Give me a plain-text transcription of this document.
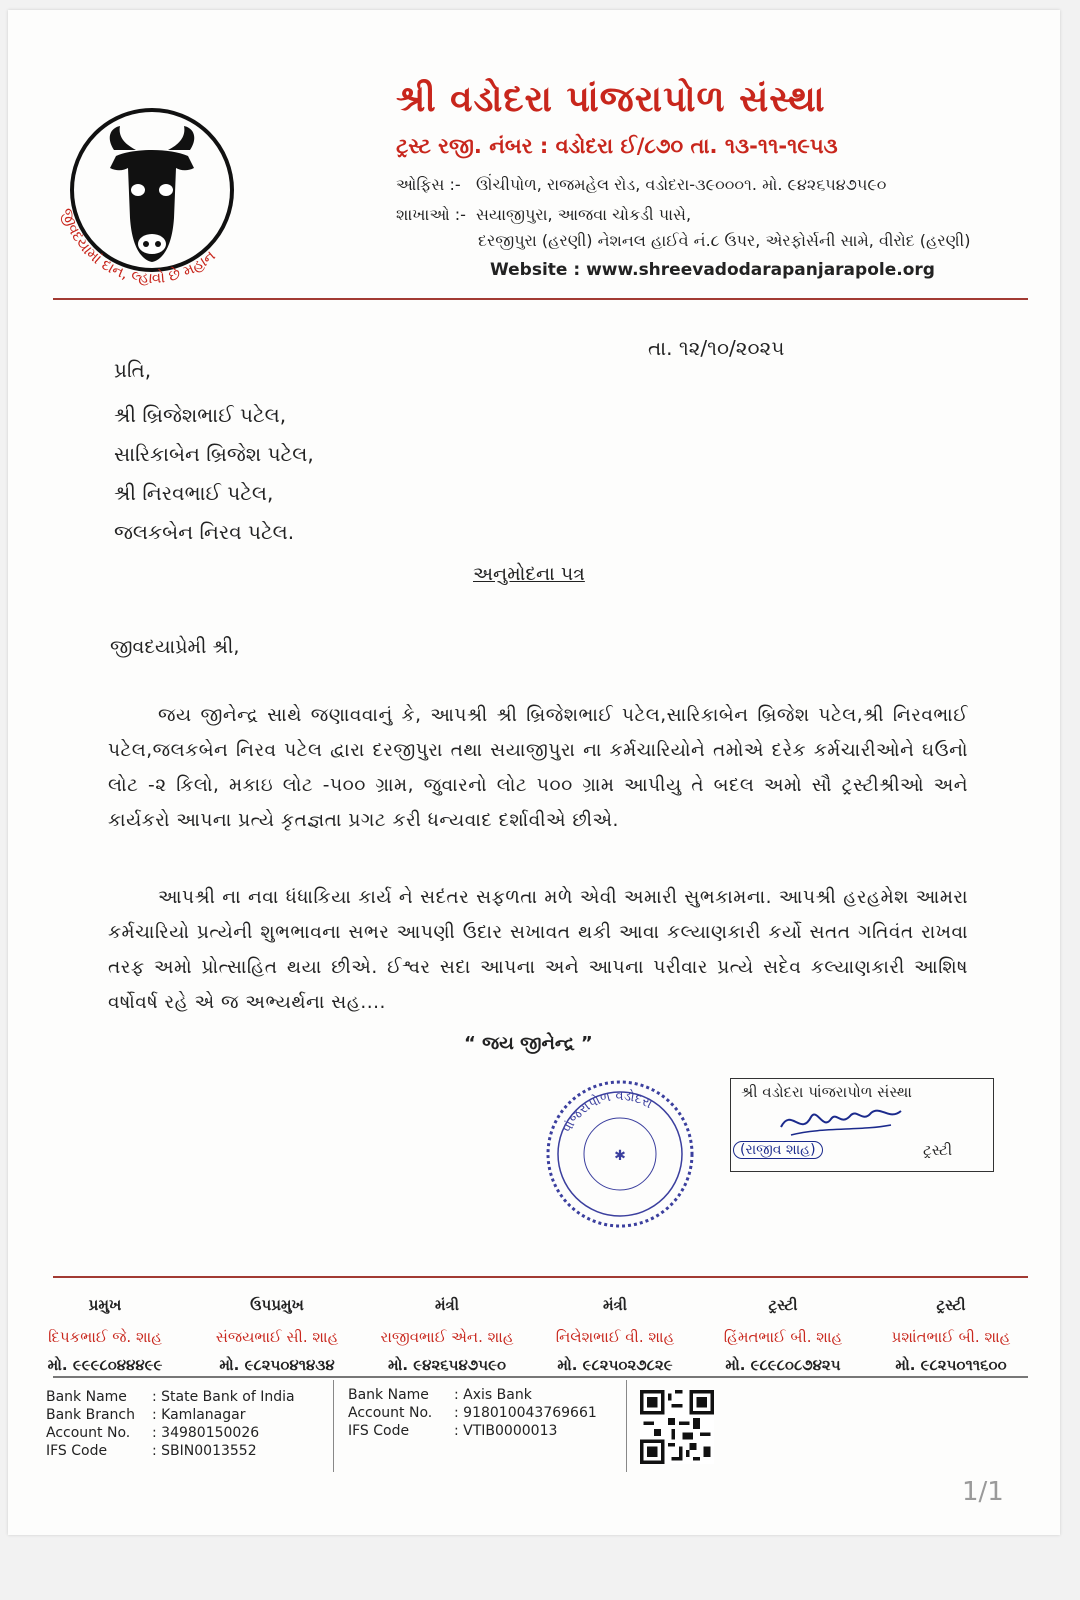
જીવદયામાં દાન, લ્હાવો છે મહાન
શ્રી વડોદરા પાંજરાપોળ સંસ્થા
ટ્રસ્ટ રજી. નંબર : વડોદરા ઈ/૮૭૦ તા. ૧૩-૧૧-૧૯૫૩
ઓફિસ :- ઊંચીપોળ, રાજમહેલ રોડ, વડોદરા-૩૯૦૦૦૧. મો. ૯૪૨૬૫૪૭૫૯૦
શાખાઓ :- સયાજીપુરા, આજવા ચોકડી પાસે,
દરજીપુરા (હરણી) નેશનલ હાઈવે નં.૮ ઉપર, એરફોર્સની સામે, વીરોદ (હરણી)
Website : www.shreevadodarapanjarapole.org
તા. ૧૨/૧૦/૨૦૨૫
પ્રતિ,
શ્રી બ્રિજેશભાઈ પટેલ,
સારિકાબેન બ્રિજેશ પટેલ,
શ્રી નિરવભાઈ પટેલ,
જલકબેન નિરવ પટેલ.
અનુમોદના પત્ર
જીવદયાપ્રેમી શ્રી,

જય જીનેન્દ્ર સાથે જણાવવાનું કે, આપશ્રી શ્રી બ્રિજેશભાઈ પટેલ,સારિકાબેન બ્રિજેશ પટેલ,શ્રી નિરવભાઈ પટેલ,જલકબેન નિરવ પટેલ દ્વારા દરજીપુરા તથા સયાજીપુરા ના કર્મચારિયોને તમોએ દરેક કર્મચારીઓને ઘઉનો લોટ -૨ કિલો, મકાઇ લોટ -૫૦૦ ગ્રામ, જુવારનો લોટ ૫૦૦ ગ્રામ આપીયુ તે બદલ અમો સૌ ટ્રસ્ટીશ્રીઓ અને કાર્યકરો આપના પ્રત્યે કૃતજ્ઞતા પ્રગટ કરી ધન્યવાદ દર્શાવીએ છીએ.

આપશ્રી ના નવા ધંધાકિયા કાર્ય ને સદંતર સફળતા મળે એવી અમારી સુભકામના. આપશ્રી હરહમેશ આમરા કર્મચારિયો પ્રત્યેની શુભભાવના સભર આપણી ઉદાર સખાવત થકી આવા કલ્યાણકારી કર્યો સતત ગતિવંત રાખવા તરફ અમો પ્રોત્સાહિત થયા છીએ. ઈશ્વર સદા આપના અને આપના પરીવાર પ્રત્યે સદેવ કલ્યાણકારી આશિષ વર્ષોવર્ષ રહે એ જ અભ્યર્થના સહ....

“ જય જીનેન્દ્ર ”
પાંજરાપોળ વડોદરા
✱
શ્રી વડોદરા પાંજરાપોળ સંસ્થા
(રાજીવ શાહ)	ટ્રસ્ટી
પ્રમુખ
દિપકભાઈ જે. શાહ
મો. ૯૯૯૮૦૪૪૪૯૯
ઉપપ્રમુખ
સંજયભાઈ સી. શાહ
મો. ૯૮૨૫૦૪૧૪૩૪
મંત્રી
રાજીવભાઈ એન. શાહ
મો. ૯૪૨૬૫૪૭૫૯૦
મંત્રી
નિલેશભાઈ વી. શાહ
મો. ૯૮૨૫૦૨૭૮૨૯
ટ્રસ્ટી
હિંમતભાઈ બી. શાહ
મો. ૯૮૯૮૦૮૭૪૨૫
ટ્રસ્ટી
પ્રશાંતભાઈ બી. શાહ
મો. ૯૮૨૫૦૧૧૬૦૦
Bank Name : State Bank of India
Bank Branch : Kamlanagar
Account No. : 34980150026
IFS Code	: SBIN0013552
Bank Name : Axis Bank
Account No. : 918010043769661
IFS Code	: VTIB0000013
1/1
